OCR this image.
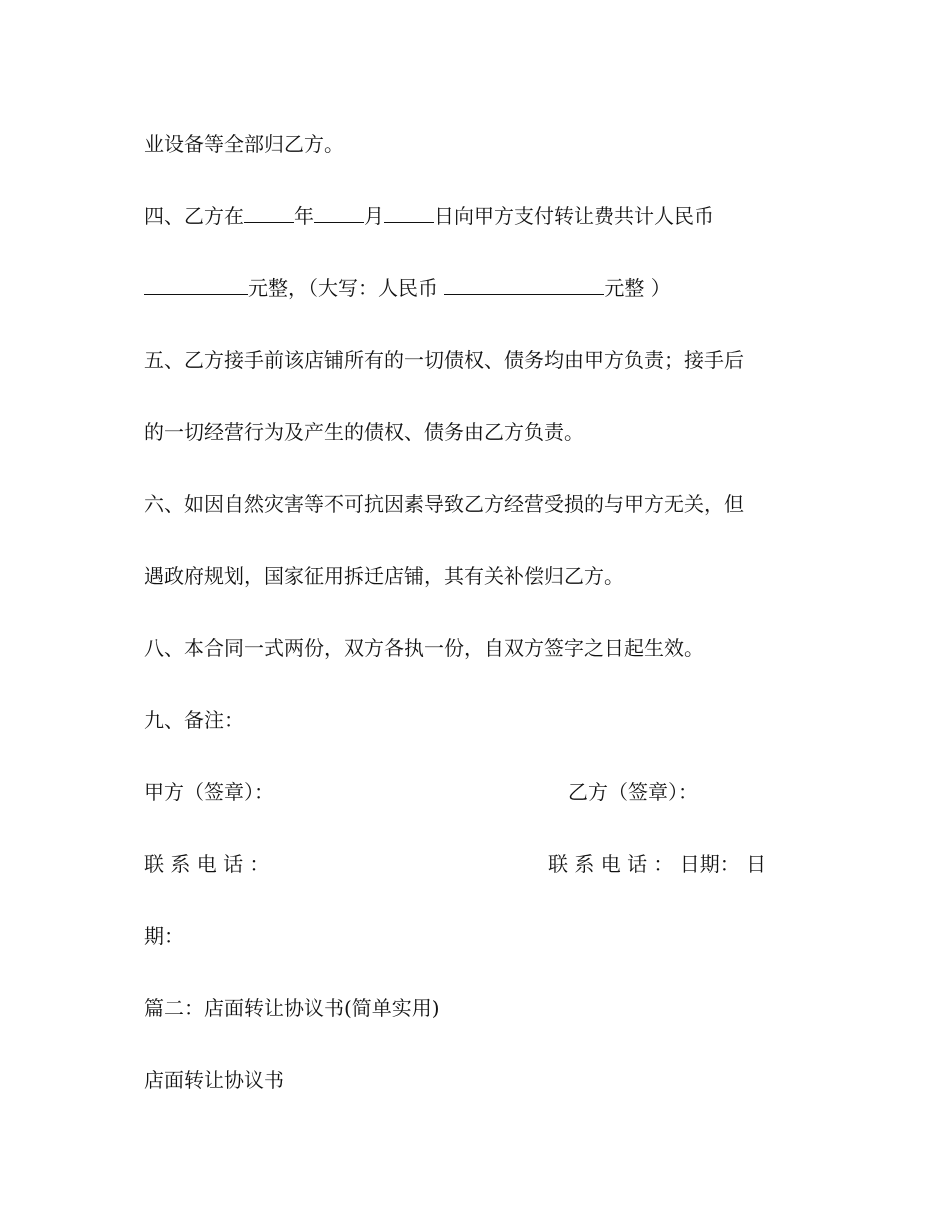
业设备等全部归乙方。
四、乙方在	年	月	日向甲方支付转让费共计人民币
元整，（大写：人民币	元整 ）
五、乙方接手前该店铺所有的一切债权、债务均由甲方负责；接手后
的一切经营行为及产生的债权、债务由乙方负责。
六、如因自然灾害等不可抗因素导致乙方经营受损的与甲方无关，但
遇政府规划，国家征用拆迁店铺，其有关补偿归乙方。
八、本合同一式两份，双方各执一份，自双方签字之日起生效。
九、备注：
甲方（签章）：	乙方（签章）：
联 系 电 话 ：	联 系 电 话 ： 日期： 日
期：
篇二：店面转让协议书(简单实用)
店面转让协议书
